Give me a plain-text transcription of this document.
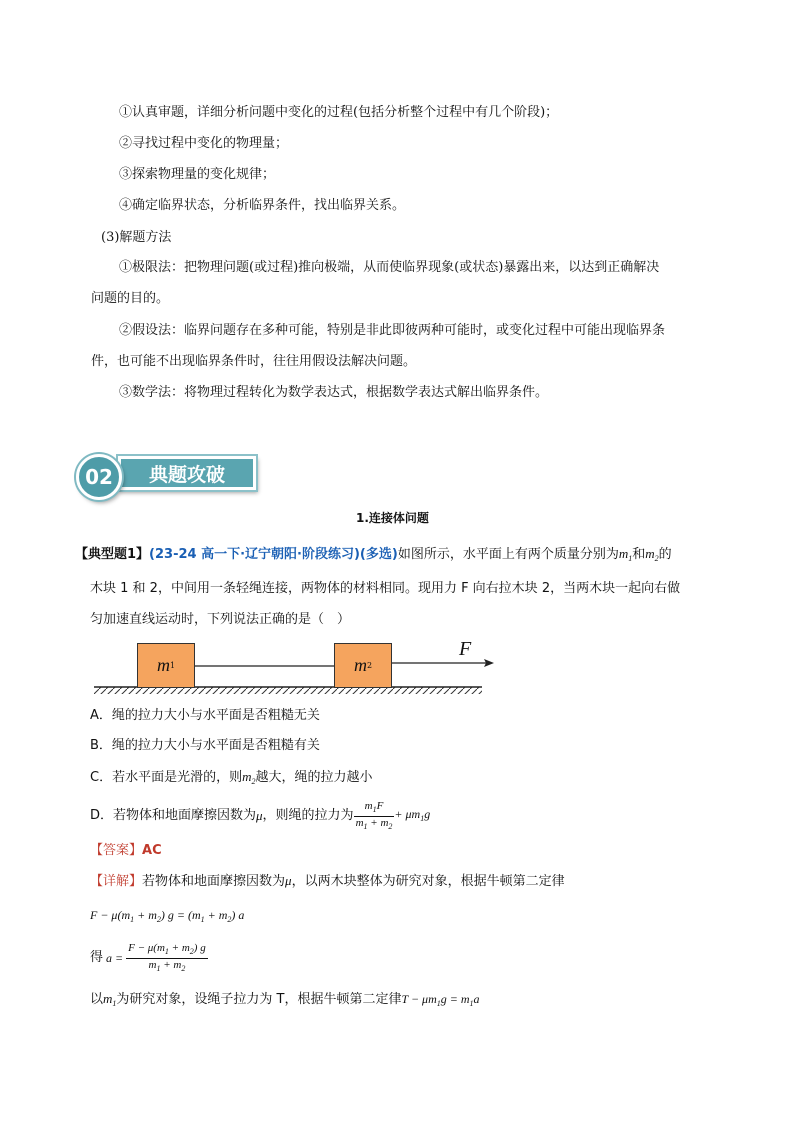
①认真审题，详细分析问题中变化的过程(包括分析整个过程中有几个阶段)；
②寻找过程中变化的物理量；
③探索物理量的变化规律；
④确定临界状态，分析临界条件，找出临界关系。
(3)解题方法
①极限法：把物理问题(或过程)推向极端，从而使临界现象(或状态)暴露出来，以达到正确解决
问题的目的。
②假设法：临界问题存在多种可能，特别是非此即彼两种可能时，或变化过程中可能出现临界条
件，也可能不出现临界条件时，往往用假设法解决问题。
③数学法：将物理过程转化为数学表达式，根据数学表达式解出临界条件。
典题攻破
02
1.连接体问题
【典型题1】(23-24 高一下·辽宁朝阳·阶段练习)(多选)如图所示，水平面上有两个质量分别为$m_1$和$m_2$的
木块 1 和 2，中间用一条轻绳连接，两物体的材料相同。现用力 F 向右拉木块 2，当两木块一起向右做
匀加速直线运动时，下列说法正确的是（　）
m 1	m 2
F
A．绳的拉力大小与水平面是否粗糙无关
B．绳的拉力大小与水平面是否粗糙有关
C．若水平面是光滑的，则$m_2$越大，绳的拉力越小
D．若物体和地面摩擦因数为 μ ，则绳的拉力为 $\frac{m_1F}{m_1 + m_2} + \mu m_1g$
【答案】AC
【详解】若物体和地面摩擦因数为μ，以两木块整体为研究对象，根据牛顿第二定律
$F - \mu(m_1 + m_2) g = (m_1 + m_2)$ a
得 $a = \frac{F - \mu(m_1 + m_2) g}{m_1 + m_2}$
以$m_1$为研究对象，设绳子拉力为 T，根据牛顿第二定律$T - \mu m_1g = m_1a$
